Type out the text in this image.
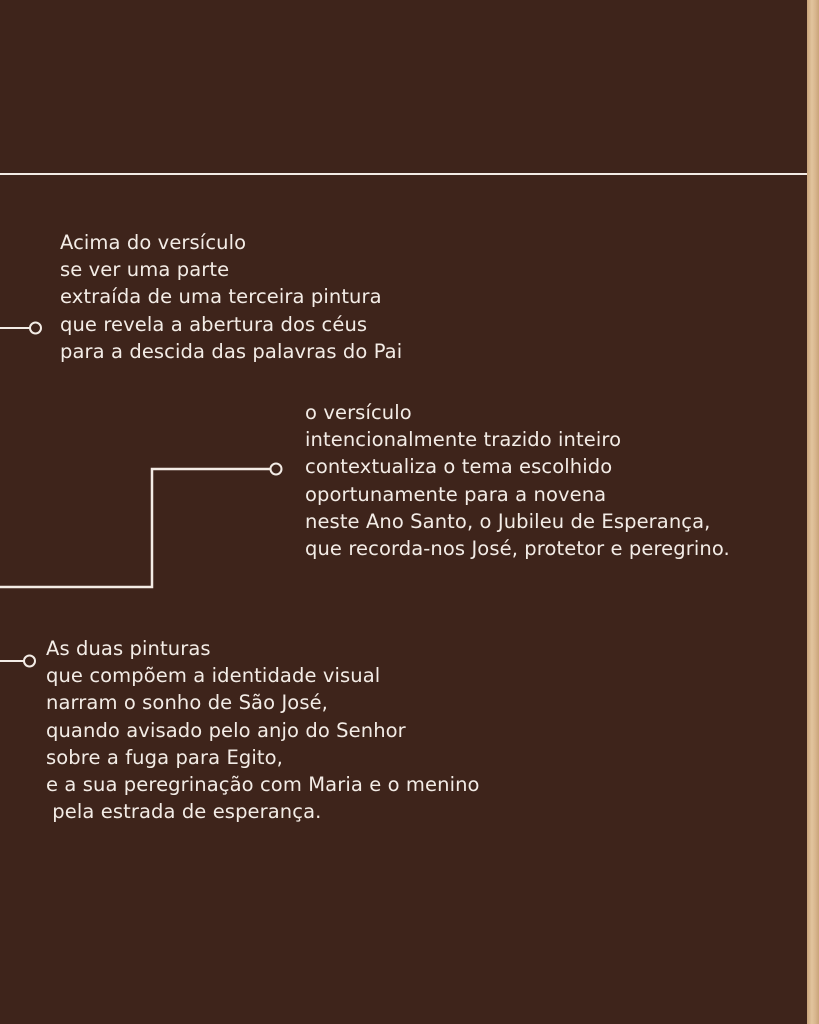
Acima do versículo

se ver uma parte

extraída de uma terceira pintura

que revela a abertura dos céus

para a descida das palavras do Pai

o versículo

intencionalmente trazido inteiro

contextualiza o tema escolhido

oportunamente para a novena

neste Ano Santo, o Jubileu de Esperança,

que recorda-nos José, protetor e peregrino.

As duas pinturas

que compõem a identidade visual

narram o sonho de São José,

quando avisado pelo anjo do Senhor

sobre a fuga para Egito,

e a sua peregrinação com Maria e o menino

pela estrada de esperança.
